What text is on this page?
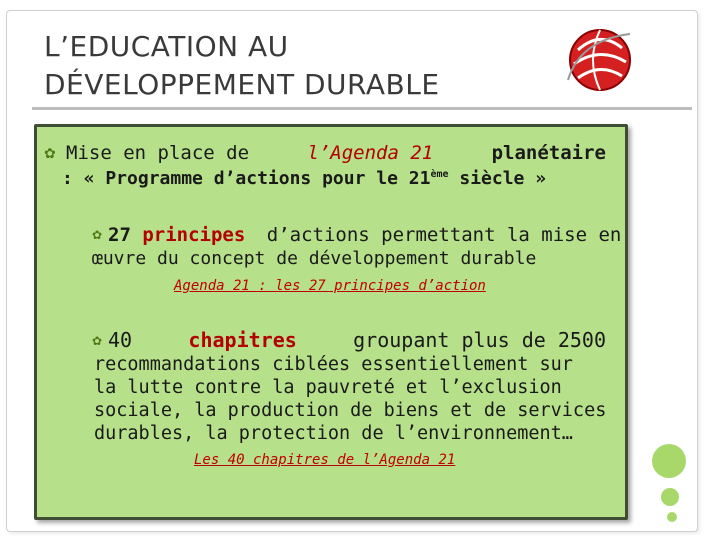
L’EDUCATION AU
DÉVELOPPEMENT DURABLE
✿ Mise en place de	l’Agenda 21	planétaire
: « Programme d’actions pour le 21ème siècle »
✿ 27 principes d’actions permettant la mise en
œuvre du concept de développement durable
Agenda 21 : les 27 principes d’action
✿ 40	chapitres	groupant plus de 2500
recommandations ciblées essentiellement sur
la lutte contre la pauvreté et l’exclusion
sociale, la production de biens et de services
durables, la protection de l’environnement…
Les 40 chapitres de l’Agenda 21
